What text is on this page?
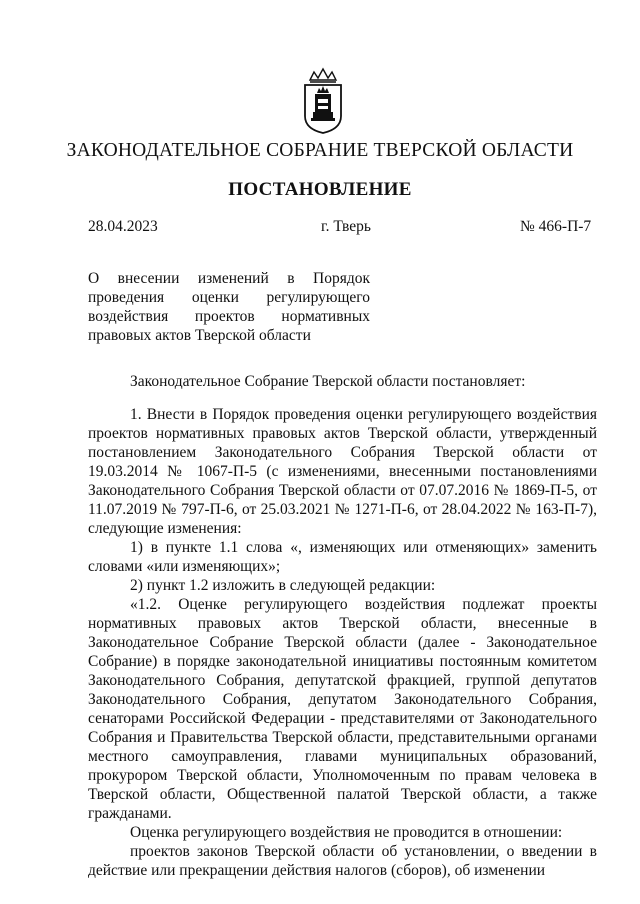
ЗАКОНОДАТЕЛЬНОЕ СОБРАНИЕ ТВЕРСКОЙ ОБЛАСТИ
ПОСТАНОВЛЕНИЕ
28.04.2023	г. Тверь	№ 466-П-7
О внесении изменений в Порядок проведения оценки регулирующего воздействия проектов нормативных правовых актов Тверской области

Законодательное Собрание Тверской области постановляет:

1. Внести в Порядок проведения оценки регулирующего воздействия проектов нормативных правовых актов Тверской области, утвержденный постановлением Законодательного Собрания Тверской области от 19.03.2014 № 1067-П-5 (с изменениями, внесенными постановлениями Законодательного Собрания Тверской области от 07.07.2016 № 1869-П-5, от 11.07.2019 № 797-П-6, от 25.03.2021 № 1271-П-6, от 28.04.2022 № 163-П-7), следующие изменения:

1) в пункте 1.1 слова «, изменяющих или отменяющих» заменить словами «или изменяющих»;

2) пункт 1.2 изложить в следующей редакции:

«1.2. Оценке регулирующего воздействия подлежат проекты нормативных правовых актов Тверской области, внесенные в Законодательное Собрание Тверской области (далее - Законодательное Собрание) в порядке законодательной инициативы постоянным комитетом Законодательного Собрания, депутатской фракцией, группой депутатов Законодательного Собрания, депутатом Законодательного Собрания, сенаторами Российской Федерации - представителями от Законодательного Собрания и Правительства Тверской области, представительными органами местного самоуправления, главами муниципальных образований, прокурором Тверской области, Уполномоченным по правам человека в Тверской области, Общественной палатой Тверской области, а также гражданами.

Оценка регулирующего воздействия не проводится в отношении:

проектов законов Тверской области об установлении, о введении в действие или прекращении действия налогов (сборов), об изменении
